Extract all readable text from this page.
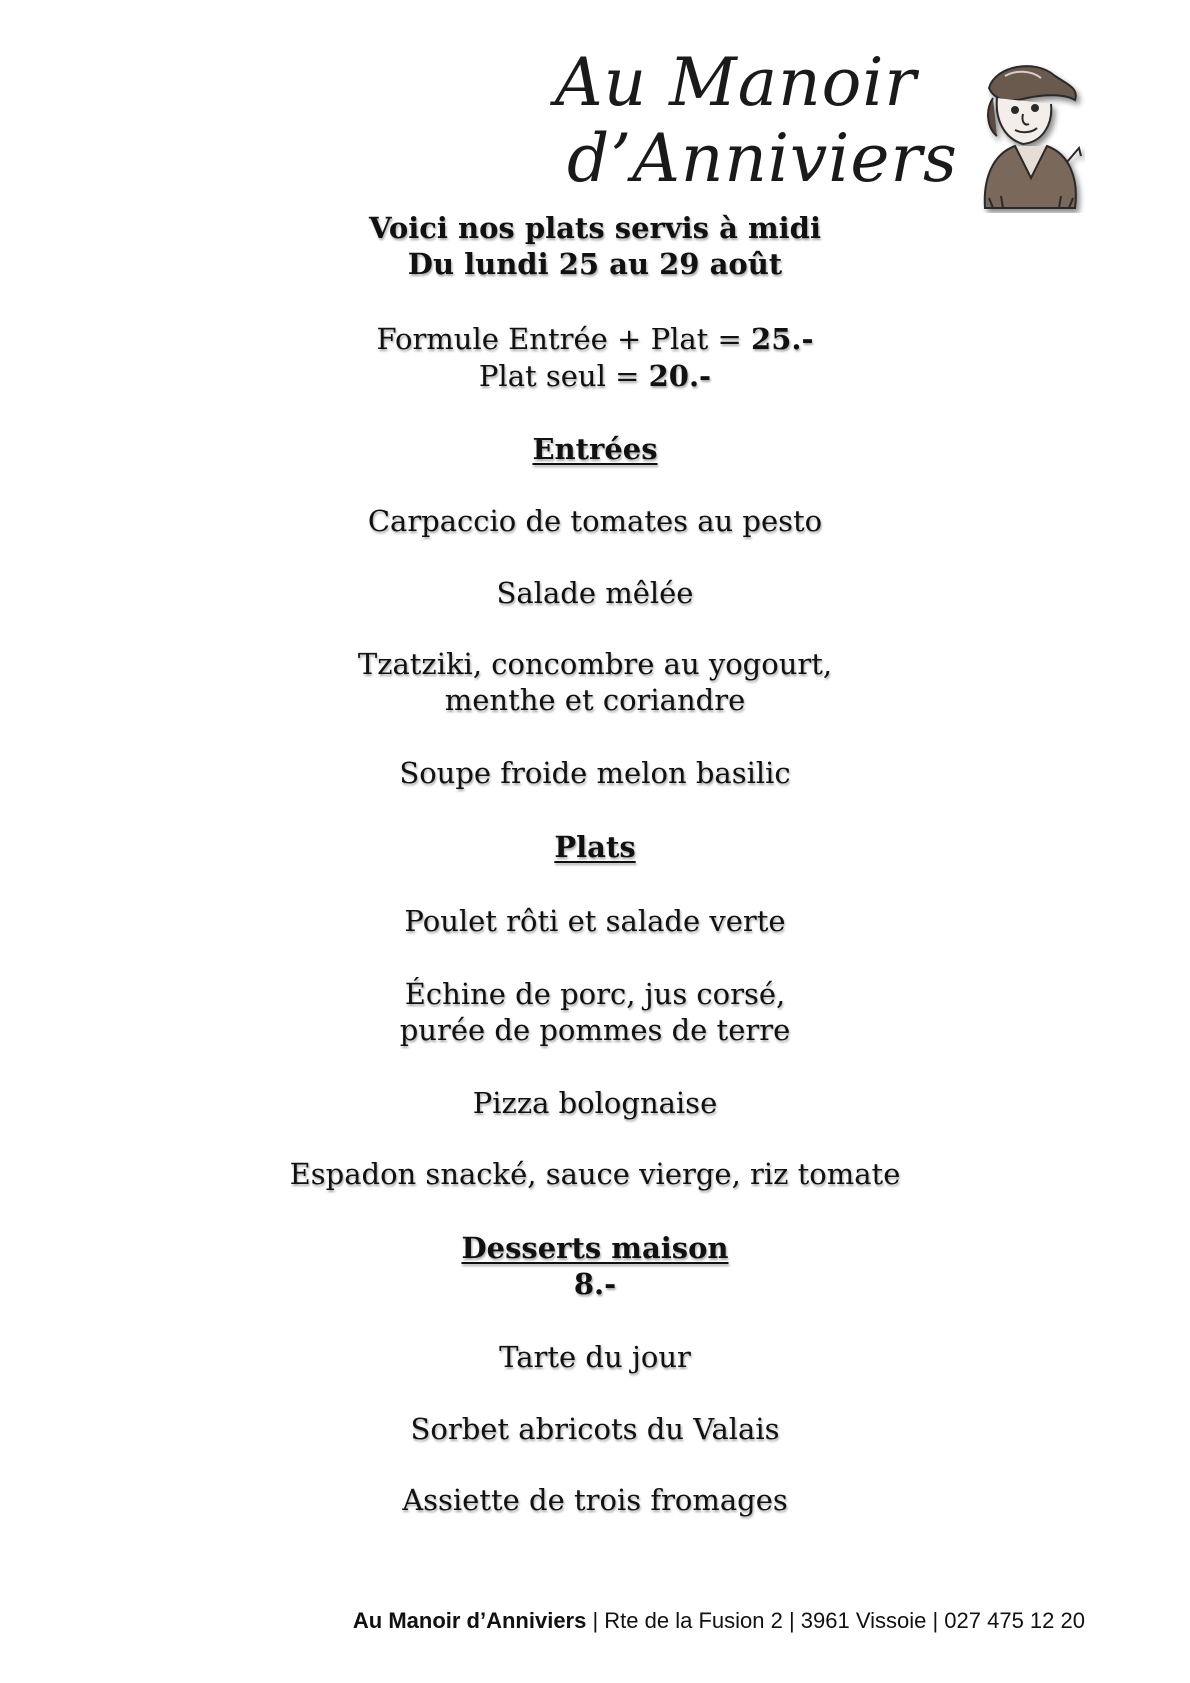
Au Manoir
d’Anniviers
Voici nos plats servis à midi
Du lundi 25 au 29 août
Formule Entrée + Plat = 25.-
Plat seul = 20.-
Entrées
Carpaccio de tomates au pesto
Salade mêlée
Tzatziki, concombre au yogourt,
menthe et coriandre
Soupe froide melon basilic
Plats
Poulet rôti et salade verte
Échine de porc, jus corsé,
purée de pommes de terre
Pizza bolognaise
Espadon snacké, sauce vierge, riz tomate
Desserts maison
8.-
Tarte du jour
Sorbet abricots du Valais
Assiette de trois fromages
Au Manoir d’Anniviers | Rte de la Fusion 2 | 3961 Vissoie | 027 475 12 20
